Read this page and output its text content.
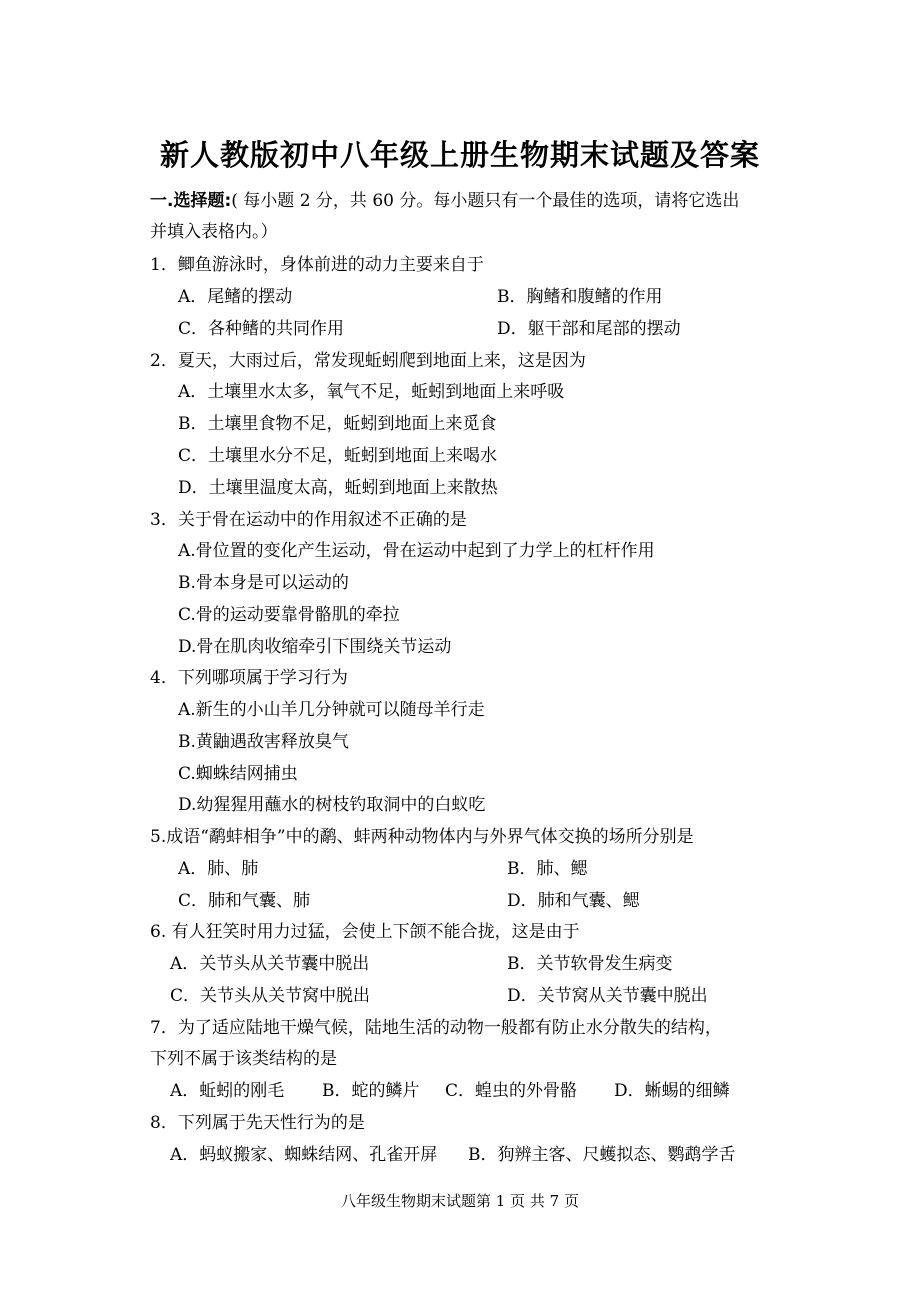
新人教版初中八年级上册生物期末试题及答案
一.选择题:( 每小题 2 分，共 60 分。每小题只有一个最佳的选项，请将它选出
并填入表格内。）
1．鲫鱼游泳时，身体前进的动力主要来自于
A．尾鳍的摆动	B．胸鳍和腹鳍的作用
C．各种鳍的共同作用	D．躯干部和尾部的摆动
2．夏天，大雨过后，常发现蚯蚓爬到地面上来，这是因为
A．土壤里水太多，氧气不足，蚯蚓到地面上来呼吸
B．土壤里食物不足，蚯蚓到地面上来觅食
C．土壤里水分不足，蚯蚓到地面上来喝水
D．土壤里温度太高，蚯蚓到地面上来散热
3．关于骨在运动中的作用叙述不正确的是
A.骨位置的变化产生运动，骨在运动中起到了力学上的杠杆作用
B.骨本身是可以运动的
C.骨的运动要靠骨骼肌的牵拉
D.骨在肌肉收缩牵引下围绕关节运动
4．下列哪项属于学习行为
A.新生的小山羊几分钟就可以随母羊行走
B.黄鼬遇敌害释放臭气
C.蜘蛛结网捕虫
D.幼猩猩用蘸水的树枝钓取洞中的白蚁吃
5.成语“鹬蚌相争”中的鹬、蚌两种动物体内与外界气体交换的场所分别是
A．肺、肺	B．肺、鳃
C．肺和气囊、肺	D．肺和气囊、鳃
6. 有人狂笑时用力过猛，会使上下颌不能合拢，这是由于
A．关节头从关节囊中脱出	B．关节软骨发生病变
C．关节头从关节窝中脱出	D．关节窝从关节囊中脱出
7．为了适应陆地干燥气候，陆地生活的动物一般都有防止水分散失的结构，
下列不属于该类结构的是
A．蚯蚓的刚毛 B．蛇的鳞片 C．蝗虫的外骨骼 D．蜥蜴的细鳞
8．下列属于先天性行为的是
A．蚂蚁搬家、蜘蛛结网、孔雀开屏 B．狗辨主客、尺蠖拟态、鹦鹉学舌
八年级生物期末试题第 1 页 共 7 页
